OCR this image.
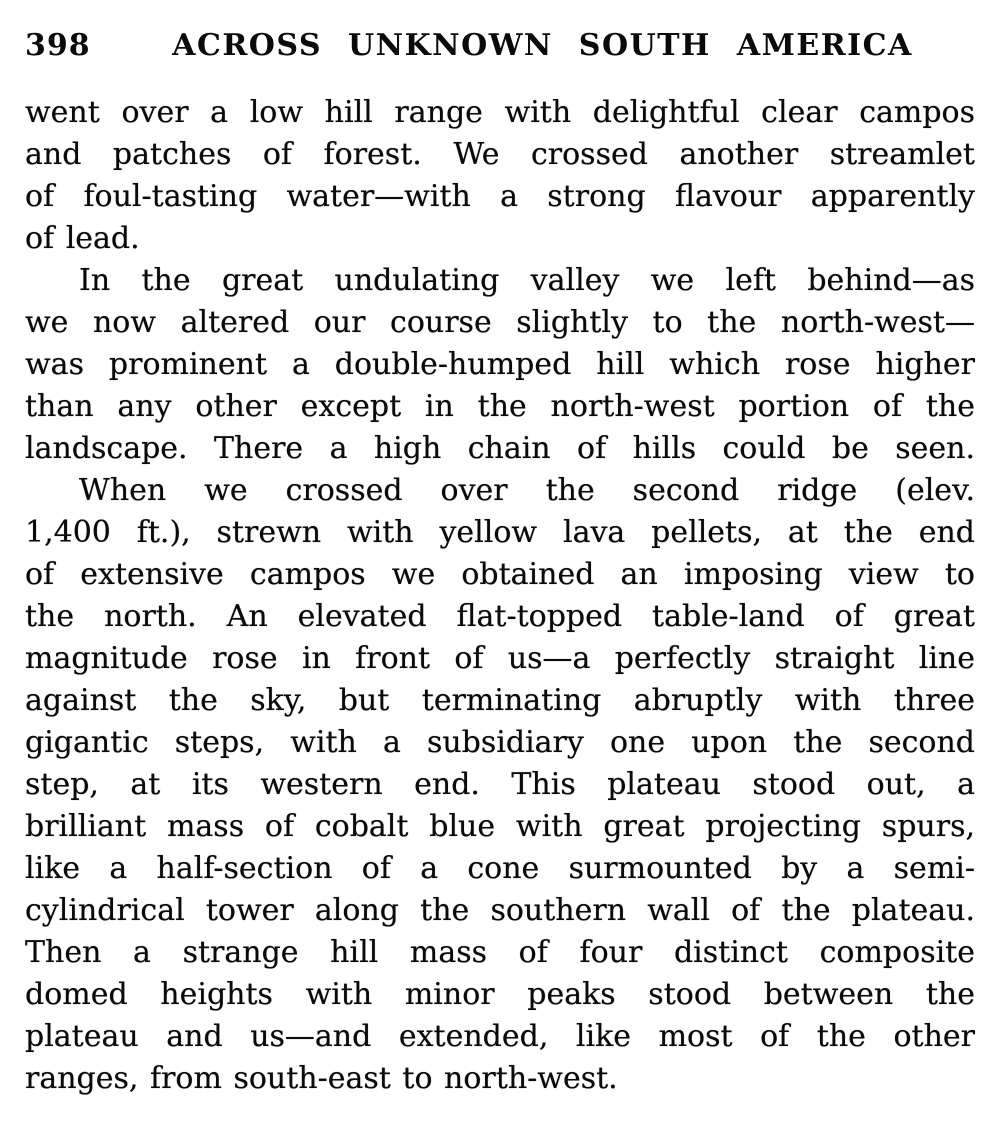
398	ACROSS UNKNOWN SOUTH AMERICA
went over a low hill range with delightful clear campos
and patches of forest. We crossed another streamlet
of foul-tasting water—with a strong flavour apparently
of lead.
In the great undulating valley we left behind—as
we now altered our course slightly to the north-west—
was prominent a double-humped hill which rose higher
than any other except in the north-west portion of the
landscape. There a high chain of hills could be seen.
When we crossed over the second ridge (elev.
1,400 ft.), strewn with yellow lava pellets, at the end
of extensive campos we obtained an imposing view to
the north. An elevated flat-topped table-land of great
magnitude rose in front of us—a perfectly straight line
against the sky, but terminating abruptly with three
gigantic steps, with a subsidiary one upon the second
step, at its western end. This plateau stood out, a
brilliant mass of cobalt blue with great projecting spurs,
like a half-section of a cone surmounted by a semi-
cylindrical tower along the southern wall of the plateau.
Then a strange hill mass of four distinct composite
domed heights with minor peaks stood between the
plateau and us—and extended, like most of the other
ranges, from south-east to north-west.
